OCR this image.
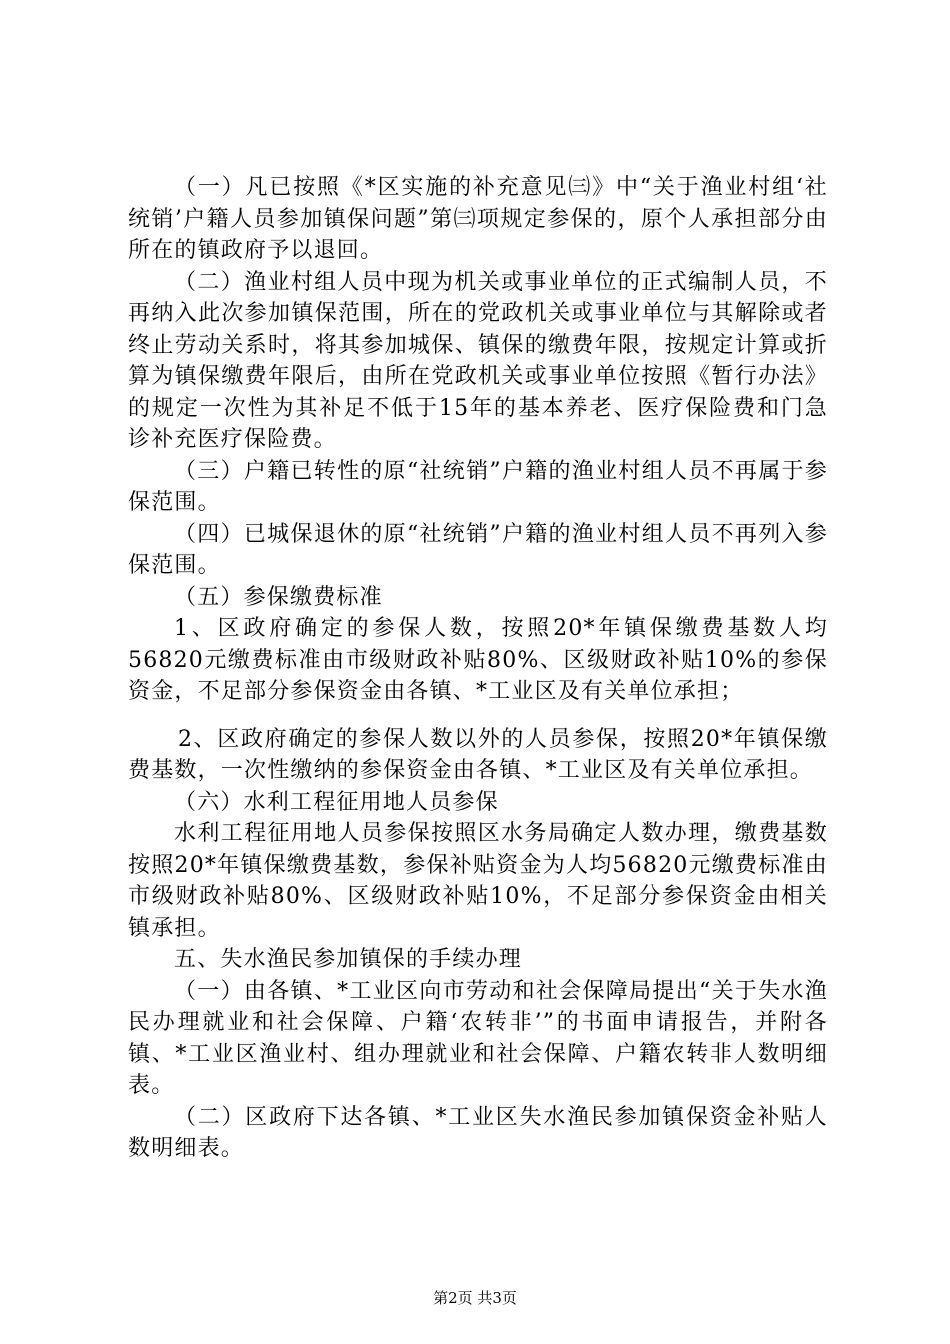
（一）凡已按照《*区实施的补充意见㈢》中“关于渔业村组‘社统销’户籍人员参加镇保问题”第㈢项规定参保的，原个人承担部分由所在的镇政府予以退回。

（二）渔业村组人员中现为机关或事业单位的正式编制人员，不再纳入此次参加镇保范围，所在的党政机关或事业单位与其解除或者终止劳动关系时，将其参加城保、镇保的缴费年限，按规定计算或折算为镇保缴费年限后，由所在党政机关或事业单位按照《暂行办法》的规定一次性为其补足不低于15年的基本养老、医疗保险费和门急诊补充医疗保险费。

（三）户籍已转性的原“社统销”户籍的渔业村组人员不再属于参保范围。

（四）已城保退休的原“社统销”户籍的渔业村组人员不再列入参保范围。

（五）参保缴费标准

1、区政府确定的参保人数，按照20*年镇保缴费基数人均56820元缴费标准由市级财政补贴80%、区级财政补贴10%的参保资金，不足部分参保资金由各镇、*工业区及有关单位承担；

2、区政府确定的参保人数以外的人员参保，按照20*年镇保缴费基数，一次性缴纳的参保资金由各镇、*工业区及有关单位承担。

（六）水利工程征用地人员参保

水利工程征用地人员参保按照区水务局确定人数办理，缴费基数按照20*年镇保缴费基数，参保补贴资金为人均56820元缴费标准由市级财政补贴80%、区级财政补贴10%，不足部分参保资金由相关镇承担。

五、失水渔民参加镇保的手续办理

（一）由各镇、*工业区向市劳动和社会保障局提出“关于失水渔民办理就业和社会保障、户籍‘农转非’”的书面申请报告，并附各镇、*工业区渔业村、组办理就业和社会保障、户籍农转非人数明细表。

（二）区政府下达各镇、*工业区失水渔民参加镇保资金补贴人数明细表。

第2页 共3页
